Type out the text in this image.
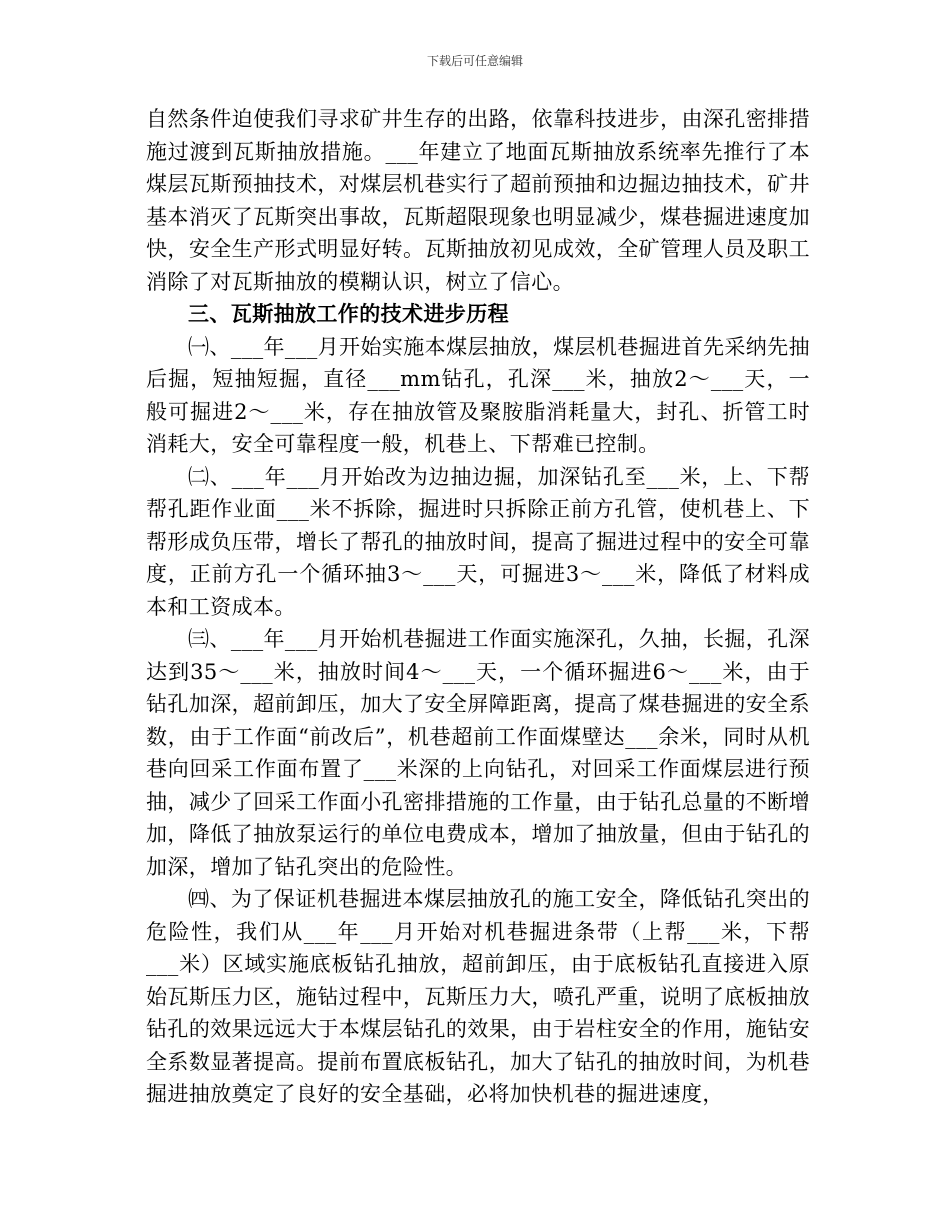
下载后可任意编辑

自然条件迫使我们寻求矿井生存的出路，依靠科技进步，由深孔密排措施过渡到瓦斯抽放措施。___年建立了地面瓦斯抽放系统率先推行了本煤层瓦斯预抽技术，对煤层机巷实行了超前预抽和边掘边抽技术，矿井基本消灭了瓦斯突出事故，瓦斯超限现象也明显减少，煤巷掘进速度加快，安全生产形式明显好转。瓦斯抽放初见成效，全矿管理人员及职工消除了对瓦斯抽放的模糊认识，树立了信心。

三、瓦斯抽放工作的技术进步历程

㈠、___年___月开始实施本煤层抽放，煤层机巷掘进首先采纳先抽后掘，短抽短掘，直径___mm钻孔，孔深___米，抽放2～___天，一般可掘进2～___米，存在抽放管及聚胺脂消耗量大，封孔、折管工时消耗大，安全可靠程度一般，机巷上、下帮难已控制。

㈡、___年___月开始改为边抽边掘，加深钻孔至___米，上、下帮帮孔距作业面___米不拆除，掘进时只拆除正前方孔管，使机巷上、下帮形成负压带，增长了帮孔的抽放时间，提高了掘进过程中的安全可靠度，正前方孔一个循环抽3～___天，可掘进3～___米，降低了材料成本和工资成本。

㈢、___年___月开始机巷掘进工作面实施深孔，久抽，长掘，孔深达到35～___米，抽放时间4～___天，一个循环掘进6～___米，由于钻孔加深，超前卸压，加大了安全屏障距离，提高了煤巷掘进的安全系数，由于工作面“前改后”，机巷超前工作面煤壁达___余米，同时从机巷向回采工作面布置了___米深的上向钻孔，对回采工作面煤层进行预抽，减少了回采工作面小孔密排措施的工作量，由于钻孔总量的不断增加，降低了抽放泵运行的单位电费成本，增加了抽放量，但由于钻孔的加深，增加了钻孔突出的危险性。

㈣、为了保证机巷掘进本煤层抽放孔的施工安全，降低钻孔突出的危险性，我们从___年___月开始对机巷掘进条带（上帮___米，下帮___米）区域实施底板钻孔抽放，超前卸压，由于底板钻孔直接进入原始瓦斯压力区，施钻过程中，瓦斯压力大，喷孔严重，说明了底板抽放钻孔的效果远远大于本煤层钻孔的效果，由于岩柱安全的作用，施钻安全系数显著提高。提前布置底板钻孔，加大了钻孔的抽放时间，为机巷掘进抽放奠定了良好的安全基础，必将加快机巷的掘进速度，
